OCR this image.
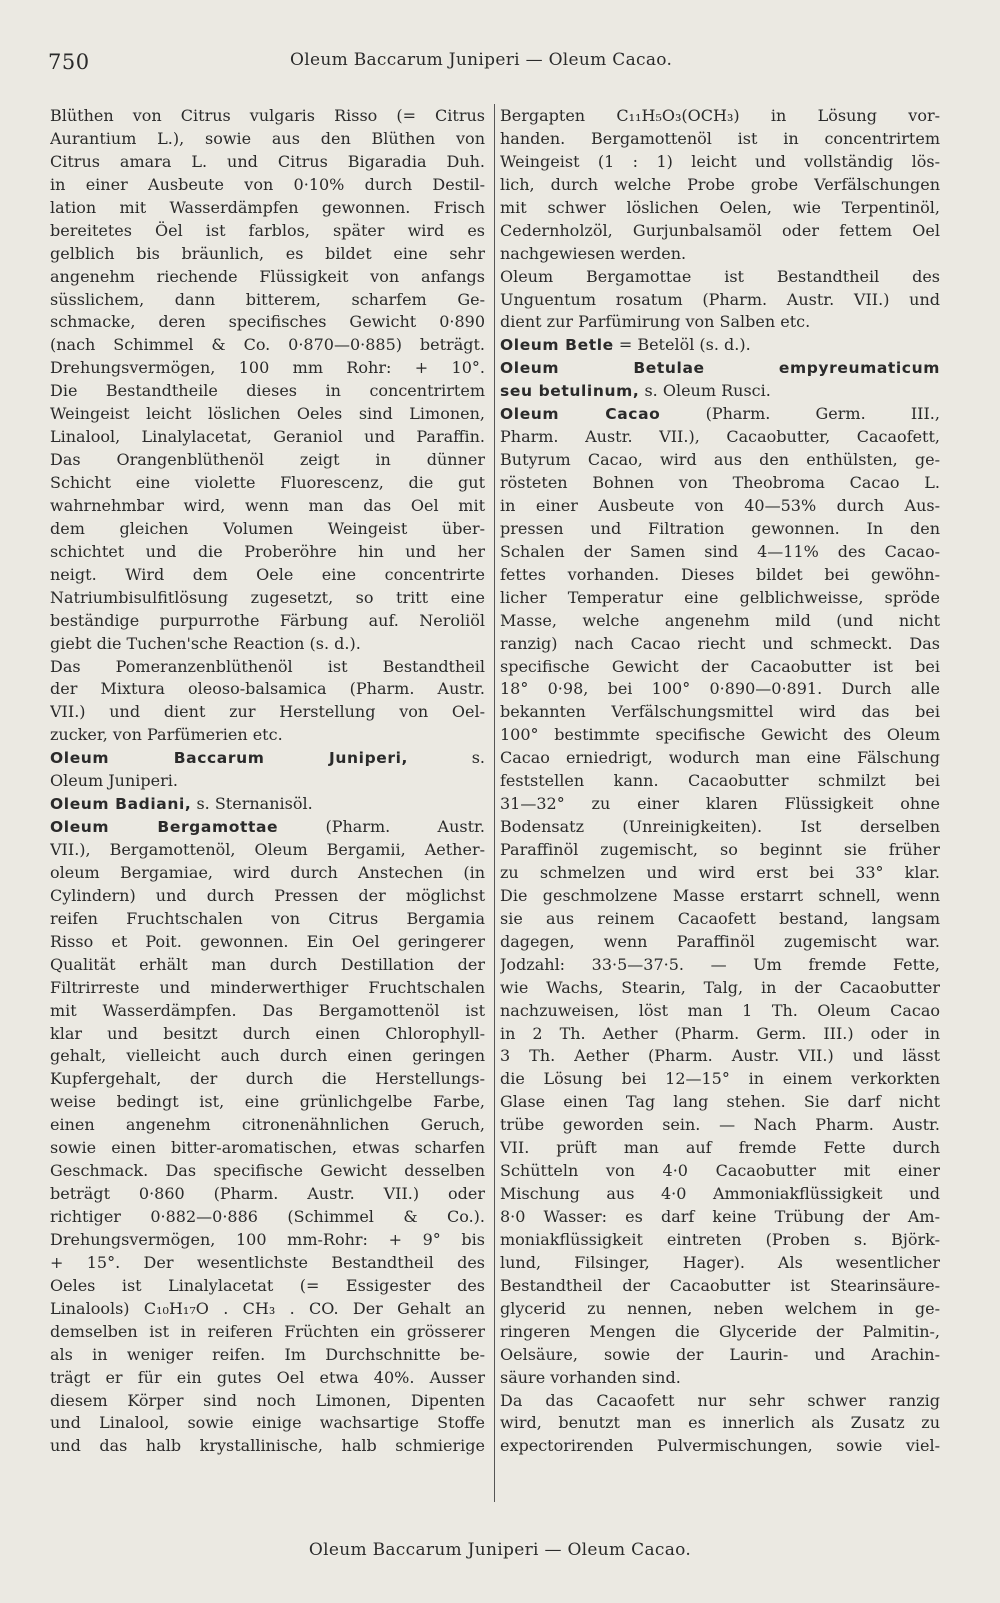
750	Oleum Baccarum Juniperi — Oleum Cacao.
Blüthen von Citrus vulgaris Risso (= Citrus
Aurantium L.), sowie aus den Blüthen von
Citrus amara L. und Citrus Bigaradia Duh.
in einer Ausbeute von 0·10% durch Destil-
lation mit Wasserdämpfen gewonnen. Frisch
bereitetes Öel ist farblos, später wird es
gelblich bis bräunlich, es bildet eine sehr
angenehm riechende Flüssigkeit von anfangs
süsslichem, dann bitterem, scharfem Ge-
schmacke, deren specifisches Gewicht 0·890
(nach Schimmel & Co. 0·870—0·885) beträgt.
Drehungsvermögen, 100 mm Rohr: + 10°.
Die Bestandtheile dieses in concentrirtem
Weingeist leicht löslichen Oeles sind Limonen,
Linalool, Linalylacetat, Geraniol und Paraffin.
Das Orangenblüthenöl zeigt in dünner
Schicht eine violette Fluorescenz, die gut
wahrnehmbar wird, wenn man das Oel mit
dem gleichen Volumen Weingeist über-
schichtet und die Proberöhre hin und her
neigt. Wird dem Oele eine concentrirte
Natriumbisulfitlösung zugesetzt, so tritt eine
beständige purpurrothe Färbung auf. Neroliöl
giebt die Tuchen'sche Reaction (s. d.).
Das Pomeranzenblüthenöl ist Bestandtheil
der Mixtura oleoso-balsamica (Pharm. Austr.
VII.) und dient zur Herstellung von Oel-
zucker, von Parfümerien etc.
Oleum Baccarum Juniperi, s.
Oleum Juniperi.
Oleum Badiani, s. Sternanisöl.
Oleum Bergamottae (Pharm. Austr.
VII.), Bergamottenöl, Oleum Bergamii, Aether-
oleum Bergamiae, wird durch Anstechen (in
Cylindern) und durch Pressen der möglichst
reifen Fruchtschalen von Citrus Bergamia
Risso et Poit. gewonnen. Ein Oel geringerer
Qualität erhält man durch Destillation der
Filtrirreste und minderwerthiger Fruchtschalen
mit Wasserdämpfen. Das Bergamottenöl ist
klar und besitzt durch einen Chlorophyll-
gehalt, vielleicht auch durch einen geringen
Kupfergehalt, der durch die Herstellungs-
weise bedingt ist, eine grünlichgelbe Farbe,
einen angenehm citronenähnlichen Geruch,
sowie einen bitter-aromatischen, etwas scharfen
Geschmack. Das specifische Gewicht desselben
beträgt 0·860 (Pharm. Austr. VII.) oder
richtiger 0·882—0·886 (Schimmel & Co.).
Drehungsvermögen, 100 mm-Rohr: + 9° bis
+ 15°. Der wesentlichste Bestandtheil des
Oeles ist Linalylacetat (= Essigester des
Linalools) C₁₀H₁₇O . CH₃ . CO. Der Gehalt an
demselben ist in reiferen Früchten ein grösserer
als in weniger reifen. Im Durchschnitte be-
trägt er für ein gutes Oel etwa 40%. Ausser
diesem Körper sind noch Limonen, Dipenten
und Linalool, sowie einige wachsartige Stoffe
und das halb krystallinische, halb schmierige
Bergapten C₁₁H₅O₃(OCH₃) in Lösung vor-
handen. Bergamottenöl ist in concentrirtem
Weingeist (1 : 1) leicht und vollständig lös-
lich, durch welche Probe grobe Verfälschungen
mit schwer löslichen Oelen, wie Terpentinöl,
Cedernholzöl, Gurjunbalsamöl oder fettem Oel
nachgewiesen werden.
Oleum Bergamottae ist Bestandtheil des
Unguentum rosatum (Pharm. Austr. VII.) und
dient zur Parfümirung von Salben etc.
Oleum Betle = Betelöl (s. d.).
Oleum Betulae empyreumaticum
seu betulinum, s. Oleum Rusci.
Oleum Cacao (Pharm. Germ. III.,
Pharm. Austr. VII.), Cacaobutter, Cacaofett,
Butyrum Cacao, wird aus den enthülsten, ge-
rösteten Bohnen von Theobroma Cacao L.
in einer Ausbeute von 40—53% durch Aus-
pressen und Filtration gewonnen. In den
Schalen der Samen sind 4—11% des Cacao-
fettes vorhanden. Dieses bildet bei gewöhn-
licher Temperatur eine gelblichweisse, spröde
Masse, welche angenehm mild (und nicht
ranzig) nach Cacao riecht und schmeckt. Das
specifische Gewicht der Cacaobutter ist bei
18° 0·98, bei 100° 0·890—0·891. Durch alle
bekannten Verfälschungsmittel wird das bei
100° bestimmte specifische Gewicht des Oleum
Cacao erniedrigt, wodurch man eine Fälschung
feststellen kann. Cacaobutter schmilzt bei
31—32° zu einer klaren Flüssigkeit ohne
Bodensatz (Unreinigkeiten). Ist derselben
Paraffinöl zugemischt, so beginnt sie früher
zu schmelzen und wird erst bei 33° klar.
Die geschmolzene Masse erstarrt schnell, wenn
sie aus reinem Cacaofett bestand, langsam
dagegen, wenn Paraffinöl zugemischt war.
Jodzahl: 33·5—37·5. — Um fremde Fette,
wie Wachs, Stearin, Talg, in der Cacaobutter
nachzuweisen, löst man 1 Th. Oleum Cacao
in 2 Th. Aether (Pharm. Germ. III.) oder in
3 Th. Aether (Pharm. Austr. VII.) und lässt
die Lösung bei 12—15° in einem verkorkten
Glase einen Tag lang stehen. Sie darf nicht
trübe geworden sein. — Nach Pharm. Austr.
VII. prüft man auf fremde Fette durch
Schütteln von 4·0 Cacaobutter mit einer
Mischung aus 4·0 Ammoniakflüssigkeit und
8·0 Wasser: es darf keine Trübung der Am-
moniakflüssigkeit eintreten (Proben s. Björk-
lund, Filsinger, Hager). Als wesentlicher
Bestandtheil der Cacaobutter ist Stearinsäure-
glycerid zu nennen, neben welchem in ge-
ringeren Mengen die Glyceride der Palmitin-,
Oelsäure, sowie der Laurin- und Arachin-
säure vorhanden sind.
Da das Cacaofett nur sehr schwer ranzig
wird, benutzt man es innerlich als Zusatz zu
expectorirenden Pulvermischungen, sowie viel-
Oleum Baccarum Juniperi — Oleum Cacao.
